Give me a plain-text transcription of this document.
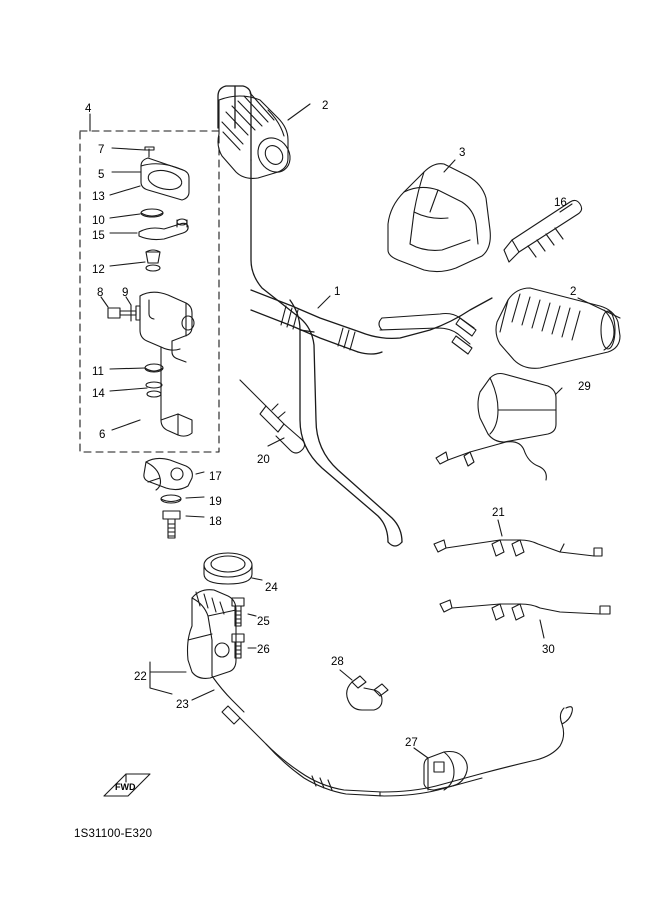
4	2
7	3
5
16
13
10
15
12
2
1
8 9
29
11
14
6
20
17
21
19
18
24
30
25
26
28
22
23
27
FWD
1S31100-E320
